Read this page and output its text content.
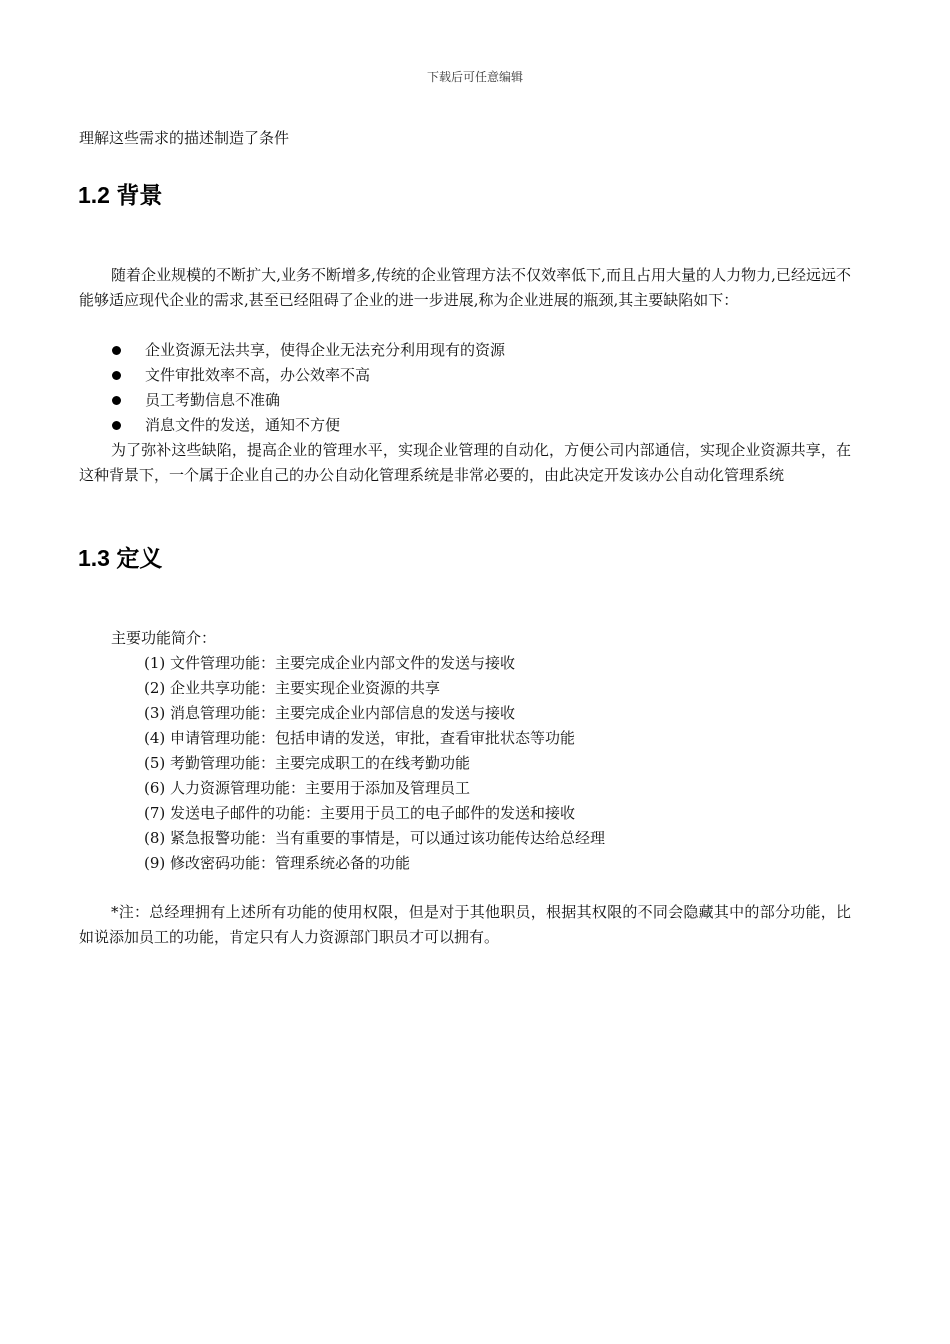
下载后可任意编辑
理解这些需求的描述制造了条件
1.2 背景

随着企业规模的不断扩大,业务不断增多,传统的企业管理方法不仅效率低下,而且占用大量的人力物力,已经远远不能够适应现代企业的需求,甚至已经阻碍了企业的进一步进展,称为企业进展的瓶颈,其主要缺陷如下：

企业资源无法共享，使得企业无法充分利用现有的资源
文件审批效率不高，办公效率不高
员工考勤信息不准确
消息文件的发送，通知不方便

为了弥补这些缺陷，提高企业的管理水平，实现企业管理的自动化，方便公司内部通信，实现企业资源共享，在这种背景下，一个属于企业自己的办公自动化管理系统是非常必要的，由此决定开发该办公自动化管理系统

1.3 定义
主要功能简介：
(1) 文件管理功能：主要完成企业内部文件的发送与接收
(2) 企业共享功能：主要实现企业资源的共享
(3) 消息管理功能：主要完成企业内部信息的发送与接收
(4) 申请管理功能：包括申请的发送，审批，查看审批状态等功能
(5) 考勤管理功能：主要完成职工的在线考勤功能
(6) 人力资源管理功能：主要用于添加及管理员工
(7) 发送电子邮件的功能：主要用于员工的电子邮件的发送和接收
(8) 紧急报警功能：当有重要的事情是，可以通过该功能传达给总经理
(9) 修改密码功能：管理系统必备的功能

*注：总经理拥有上述所有功能的使用权限，但是对于其他职员，根据其权限的不同会隐藏其中的部分功能，比如说添加员工的功能，肯定只有人力资源部门职员才可以拥有。
